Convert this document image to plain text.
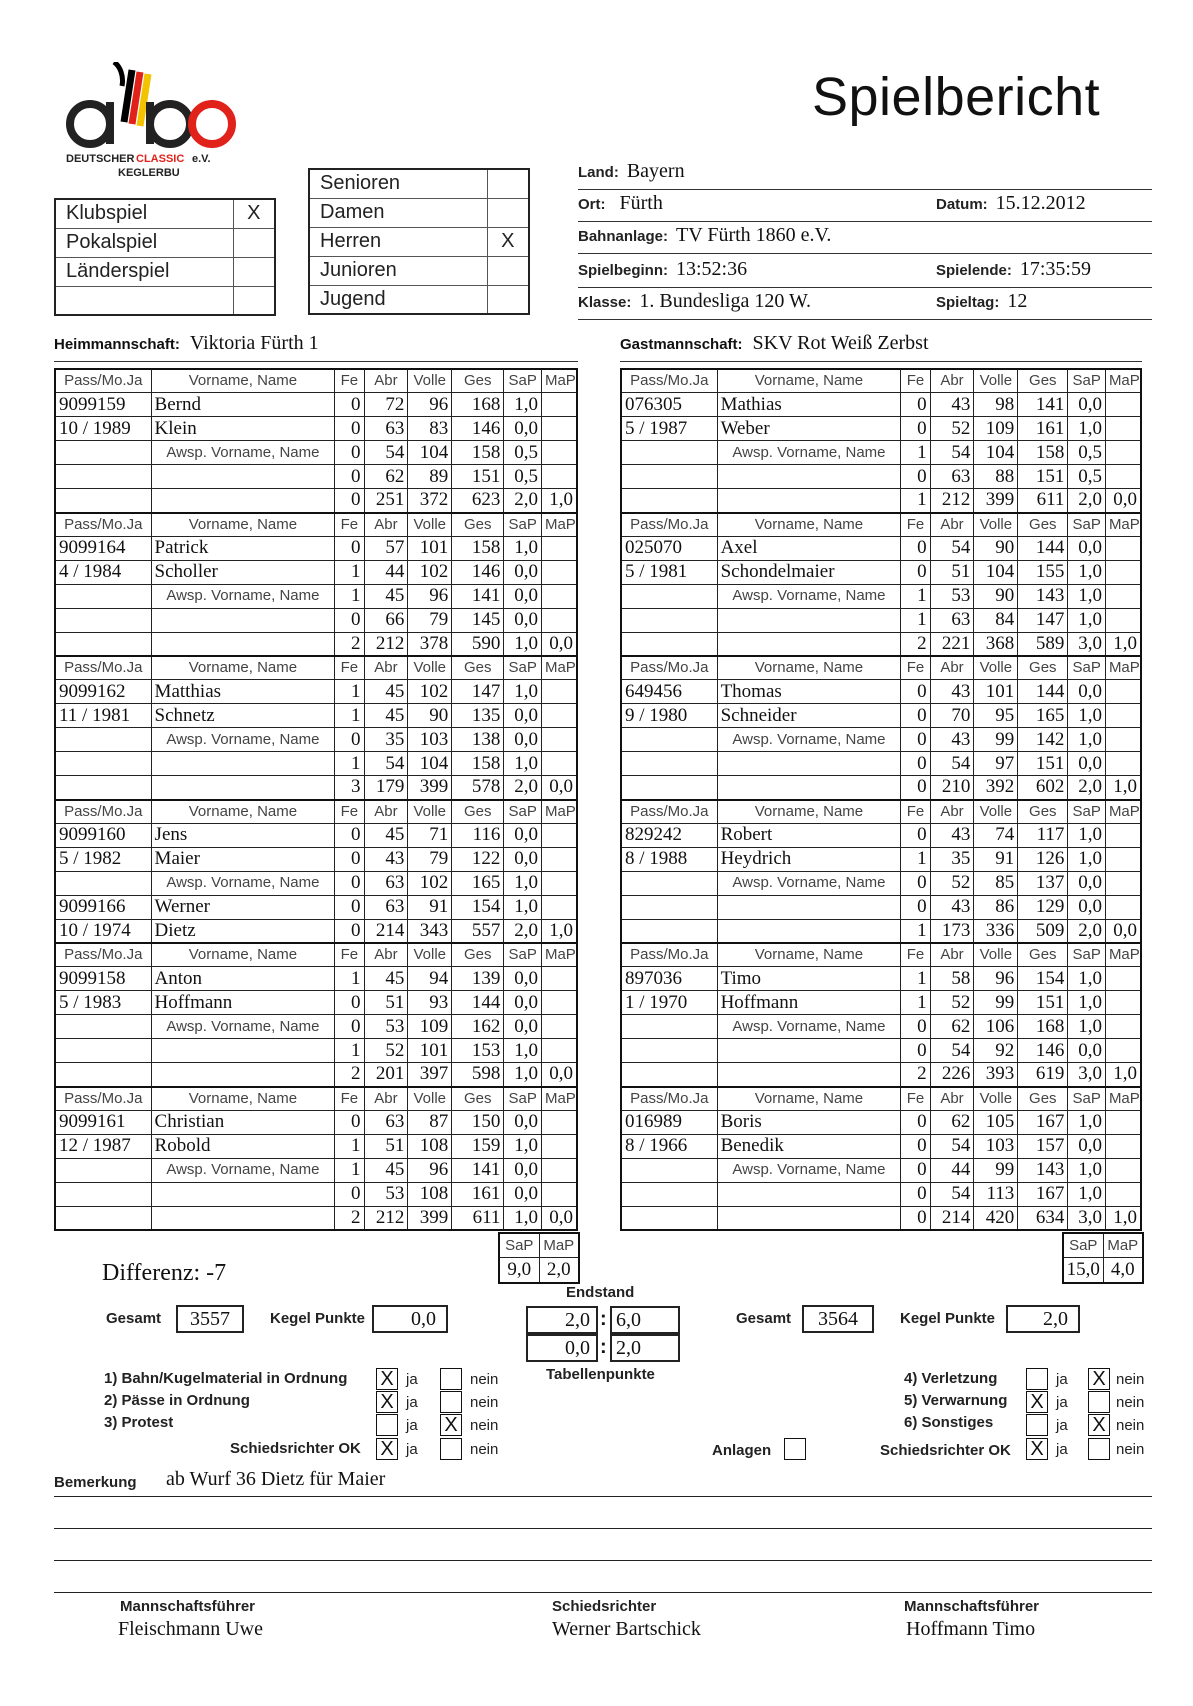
DEUTSCHER CLASSIC e.V.
KEGLERBU
Spielbericht
Klubspiel	X
Pokalspiel	
Länderspiel	

Senioren	
Damen	
Herren	X
Junioren	
Jugend	
Land: Bayern
Ort: Fürth	Datum: 15.12.2012
Bahnanlage: TV Fürth 1860 e.V.
Spielbeginn: 13:52:36	Spielende: 17:35:59
Klasse: 1. Bundesliga 120 W.	Spieltag: 12
Heimmannschaft: Viktoria Fürth 1	Gastmannschaft: SKV Rot Weiß Zerbst
Pass/Mo.Ja	Vorname, Name	Fe	Abr	Volle	Ges	SaP	MaP
9099159	Bernd	0	72	96	168	1,0	
10 / 1989	Klein	0	63	83	146	0,0	
	Awsp. Vorname, Name	0	54	104	158	0,5	
		0	62	89	151	0,5	
		0	251	372	623	2,0	1,0
Pass/Mo.Ja	Vorname, Name	Fe	Abr	Volle	Ges	SaP	MaP
9099164	Patrick	0	57	101	158	1,0	
4 / 1984	Scholler	1	44	102	146	0,0	
	Awsp. Vorname, Name	1	45	96	141	0,0	
		0	66	79	145	0,0	
		2	212	378	590	1,0	0,0
Pass/Mo.Ja	Vorname, Name	Fe	Abr	Volle	Ges	SaP	MaP
9099162	Matthias	1	45	102	147	1,0	
11 / 1981	Schnetz	1	45	90	135	0,0	
	Awsp. Vorname, Name	0	35	103	138	0,0	
		1	54	104	158	1,0	
		3	179	399	578	2,0	0,0
Pass/Mo.Ja	Vorname, Name	Fe	Abr	Volle	Ges	SaP	MaP
9099160	Jens	0	45	71	116	0,0	
5 / 1982	Maier	0	43	79	122	0,0	
	Awsp. Vorname, Name	0	63	102	165	1,0	
9099166	Werner	0	63	91	154	1,0	
10 / 1974	Dietz	0	214	343	557	2,0	1,0
Pass/Mo.Ja	Vorname, Name	Fe	Abr	Volle	Ges	SaP	MaP
9099158	Anton	1	45	94	139	0,0	
5 / 1983	Hoffmann	0	51	93	144	0,0	
	Awsp. Vorname, Name	0	53	109	162	0,0	
		1	52	101	153	1,0	
		2	201	397	598	1,0	0,0
Pass/Mo.Ja	Vorname, Name	Fe	Abr	Volle	Ges	SaP	MaP
9099161	Christian	0	63	87	150	0,0	
12 / 1987	Robold	1	51	108	159	1,0	
	Awsp. Vorname, Name	1	45	96	141	0,0	
		0	53	108	161	0,0	
		2	212	399	611	1,0	0,0
Pass/Mo.Ja	Vorname, Name	Fe	Abr	Volle	Ges	SaP	MaP
076305	Mathias	0	43	98	141	0,0	
5 / 1987	Weber	0	52	109	161	1,0	
	Awsp. Vorname, Name	1	54	104	158	0,5	
		0	63	88	151	0,5	
		1	212	399	611	2,0	0,0
Pass/Mo.Ja	Vorname, Name	Fe	Abr	Volle	Ges	SaP	MaP
025070	Axel	0	54	90	144	0,0	
5 / 1981	Schondelmaier	0	51	104	155	1,0	
	Awsp. Vorname, Name	1	53	90	143	1,0	
		1	63	84	147	1,0	
		2	221	368	589	3,0	1,0
Pass/Mo.Ja	Vorname, Name	Fe	Abr	Volle	Ges	SaP	MaP
649456	Thomas	0	43	101	144	0,0	
9 / 1980	Schneider	0	70	95	165	1,0	
	Awsp. Vorname, Name	0	43	99	142	1,0	
		0	54	97	151	0,0	
		0	210	392	602	2,0	1,0
Pass/Mo.Ja	Vorname, Name	Fe	Abr	Volle	Ges	SaP	MaP
829242	Robert	0	43	74	117	1,0	
8 / 1988	Heydrich	1	35	91	126	1,0	
	Awsp. Vorname, Name	0	52	85	137	0,0	
		0	43	86	129	0,0	
		1	173	336	509	2,0	0,0
Pass/Mo.Ja	Vorname, Name	Fe	Abr	Volle	Ges	SaP	MaP
897036	Timo	1	58	96	154	1,0	
1 / 1970	Hoffmann	1	52	99	151	1,0	
	Awsp. Vorname, Name	0	62	106	168	1,0	
		0	54	92	146	0,0	
		2	226	393	619	3,0	1,0
Pass/Mo.Ja	Vorname, Name	Fe	Abr	Volle	Ges	SaP	MaP
016989	Boris	0	62	105	167	1,0	
8 / 1966	Benedik	0	54	103	157	0,0	
	Awsp. Vorname, Name	0	44	99	143	1,0	
		0	54	113	167	1,0	
		0	214	420	634	3,0	1,0
SaP	MaP
9,0	2,0
SaP	MaP
15,0	4,0
Differenz: -7
Gesamt	3557	Kegel Punkte	0,0	Gesamt	3564	Kegel Punkte	2,0
Endstand
2,0 : 6,0
0,0 : 2,0
Tabellenpunkte
1) Bahn/Kugelmaterial in Ordnung
2) Pässe in Ordnung
3) Protest
Schiedsrichter OK
X ja	nein
X ja	nein
ja X nein
X ja	nein	Anlagen
4) Verletzung
5) Verwarnung
6) Sonstiges
Schiedsrichter OK
ja X nein
X ja	nein
ja X nein
X ja	nein
Bemerkung ab Wurf 36 Dietz für Maier
Mannschaftsführer
Fleischmann Uwe
Schiedsrichter
Werner Bartschick
Mannschaftsführer
Hoffmann Timo
